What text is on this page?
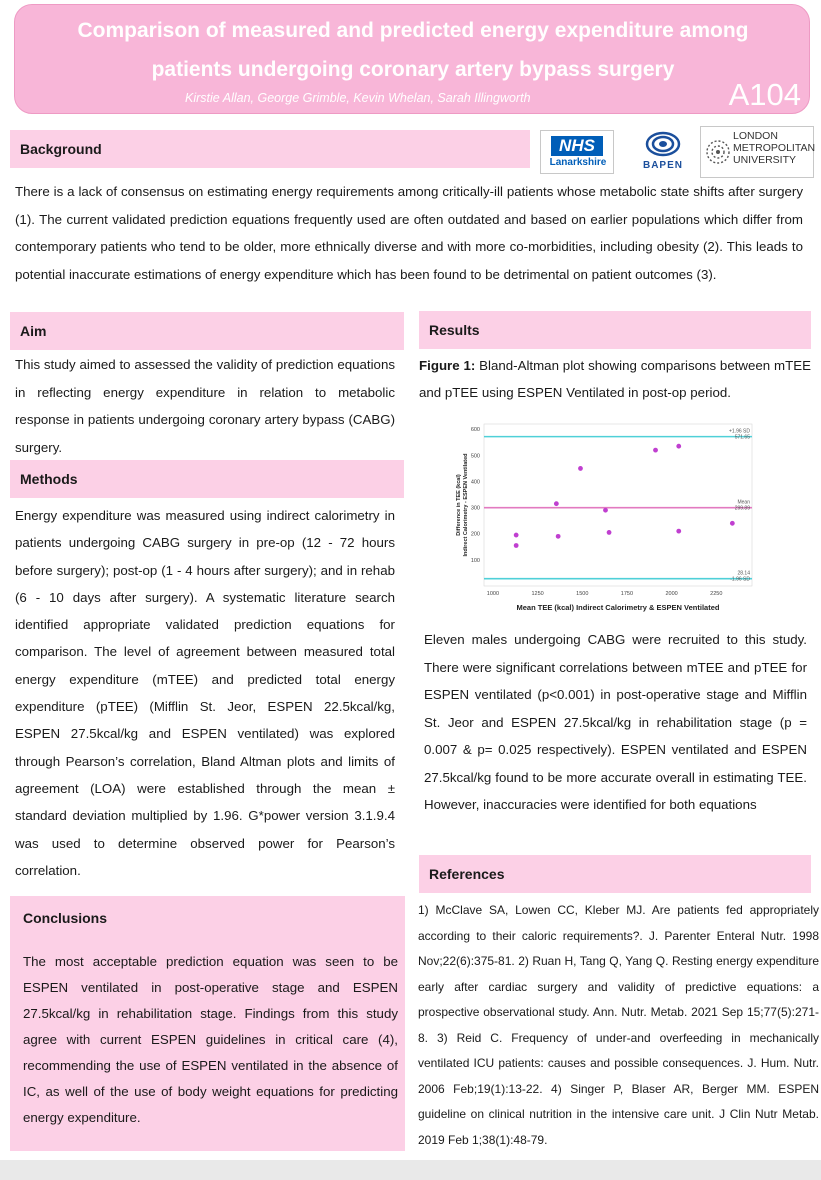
Comparison of measured and predicted energy expenditure among
patients undergoing coronary artery bypass surgery
Kirstie Allan, George Grimble, Kevin Whelan, Sarah Illingworth	A104
Background	NHS
Lanarkshire	BAPEN
LONDON
METROPOLITAN
UNIVERSITY
There is a lack of consensus on estimating energy requirements among critically-ill patients whose metabolic state shifts after surgery (1). The current validated prediction equations frequently used are often outdated and based on earlier populations which differ from contemporary patients who tend to be older, more ethnically diverse and with more co-morbidities, including obesity (2). This leads to potential inaccurate estimations of energy expenditure which has been found to be detrimental on patient outcomes (3).
Aim
This study aimed to assessed the validity of prediction equations in reflecting energy expenditure in relation to metabolic response in patients undergoing coronary artery bypass (CABG) surgery.
Methods
Energy expenditure was measured using indirect calorimetry in patients undergoing CABG surgery in pre-op (12 - 72 hours before surgery); post-op (1 - 4 hours after surgery); and in rehab (6 - 10 days after surgery). A systematic literature search identified appropriate validated prediction equations for comparison. The level of agreement between measured total energy expenditure (mTEE) and predicted total energy expenditure (pTEE) (Mifflin St. Jeor, ESPEN 22.5kcal/kg, ESPEN 27.5kcal/kg and ESPEN ventilated) was explored through Pearson’s correlation, Bland Altman plots and limits of agreement (LOA) were established through the mean ± standard deviation multiplied by 1.96. G*power version 3.1.9.4 was used to determine observed power for Pearson’s correlation.
Results
Figure 1: Bland-Altman plot showing comparisons between mTEE and pTEE using ESPEN Ventilated in post-op period.
100
200
300
400
500
600
1000	1250	1500	1750	2000	2250
+1.96 SD
571.65
Mean
299.89
28.14
-1.96 SD
Mean TEE (kcal) Indirect Calorimetry & ESPEN Ventilated
Difference in TEE (kcal) Indirect Calorimetry - ESPEN Ventilated
Eleven males undergoing CABG were recruited to this study. There were significant correlations between mTEE and pTEE for ESPEN ventilated (p<0.001) in post-operative stage and Mifflin St. Jeor and ESPEN 27.5kcal/kg in rehabilitation stage (p = 0.007 & p= 0.025 respectively). ESPEN ventilated and ESPEN 27.5kcal/kg found to be more accurate overall in estimating TEE. However, inaccuracies were identified for both equations
References
1) McClave SA, Lowen CC, Kleber MJ. Are patients fed appropriately according to their caloric requirements?. J. Parenter Enteral Nutr. 1998 Nov;22(6):375-81. 2) Ruan H, Tang Q, Yang Q. Resting energy expenditure early after cardiac surgery and validity of predictive equations: a prospective observational study. Ann. Nutr. Metab. 2021 Sep 15;77(5):271-8. 3) Reid C. Frequency of under-and overfeeding in mechanically ventilated ICU patients: causes and possible consequences. J. Hum. Nutr. 2006 Feb;19(1):13-22. 4) Singer P, Blaser AR, Berger MM. ESPEN guideline on clinical nutrition in the intensive care unit. J Clin Nutr Metab. 2019 Feb 1;38(1):48-79.
Conclusions
The most acceptable prediction equation was seen to be ESPEN ventilated in post-operative stage and ESPEN 27.5kcal/kg in rehabilitation stage. Findings from this study agree with current ESPEN guidelines in critical care (4), recommending the use of ESPEN ventilated in the absence of IC, as well of the use of body weight equations for predicting energy expenditure.
